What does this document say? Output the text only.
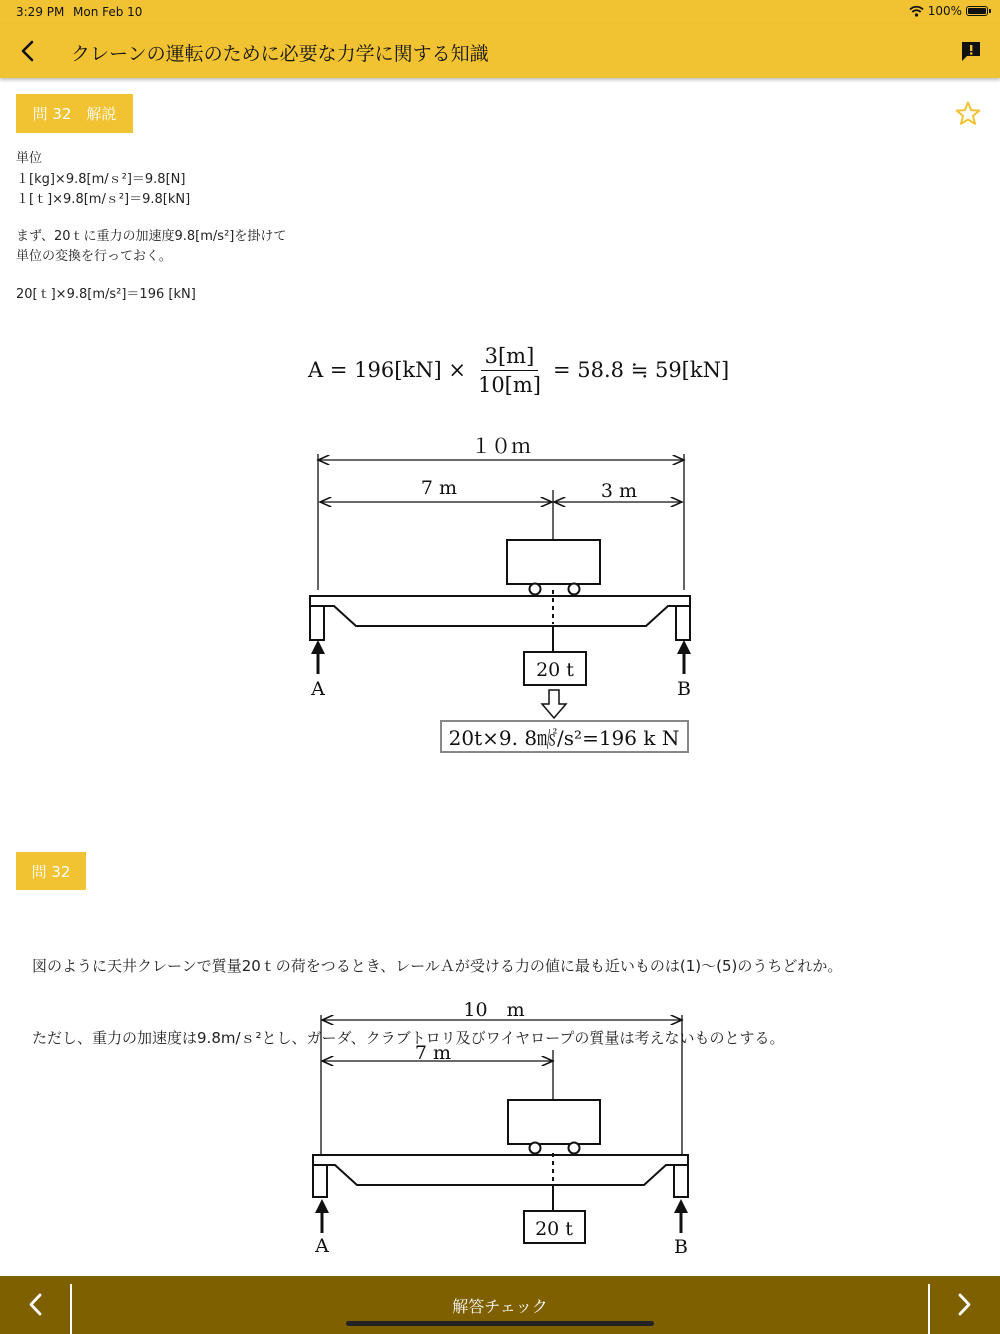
3:29 PM Mon Feb 10	100%
クレーンの運転のために必要な力学に関する知識
問 32　解説
単位
１[kg]×9.8[m/ｓ²]＝9.8[N]
１[ｔ]×9.8[m/ｓ²]＝9.8[kN]
まず、20ｔに重力の加速度9.8[m/s²]を掛けて
単位の変換を行っておく。
20[ｔ]×9.8[m/s²]＝196 [kN]
$A = 196[kN] \times \frac{3[m]}{10[m]} = 58.8$ ≒ 59[kN]
１０ｍ
7 m	3 m
20 t
A	B
20t×9. 8㎨/s²=196 k N
問 32

図のように天井クレーンで質量20ｔの荷をつるとき、レールＡが受ける力の値に最も近いものは(1)〜(5)のうちどれか。

ただし、重力の加速度は9.8m/ｓ²とし、ガーダ、クラブトロリ及びワイヤロープの質量は考えないものとする。

10　m
7 m
20 t
A	B
解答チェック
